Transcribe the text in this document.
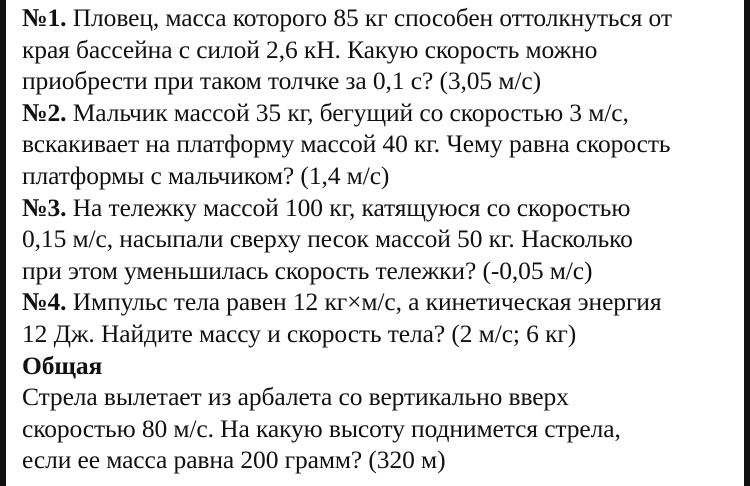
№1. Пловец, масса которого 85 кг способен оттолкнуться от
края бассейна с силой 2,6 кН. Какую скорость можно
приобрести при таком толчке за 0,1 с? (3,05 м/с)
№2. Мальчик массой 35 кг, бегущий со скоростью 3 м/с,
вскакивает на платформу массой 40 кг. Чему равна скорость
платформы с мальчиком? (1,4 м/с)
№3. На тележку массой 100 кг, катящуюся со скоростью
0,15 м/с, насыпали сверху песок массой 50 кг. Насколько
при этом уменьшилась скорость тележки? (-0,05 м/с)
№4. Импульс тела равен 12 кг×м/с, а кинетическая энергия
12 Дж. Найдите массу и скорость тела? (2 м/с; 6 кг)
Общая
Стрела вылетает из арбалета со вертикально вверх
скоростью 80 м/с. На какую высоту поднимется стрела,
если ее масса равна 200 грамм? (320 м)
